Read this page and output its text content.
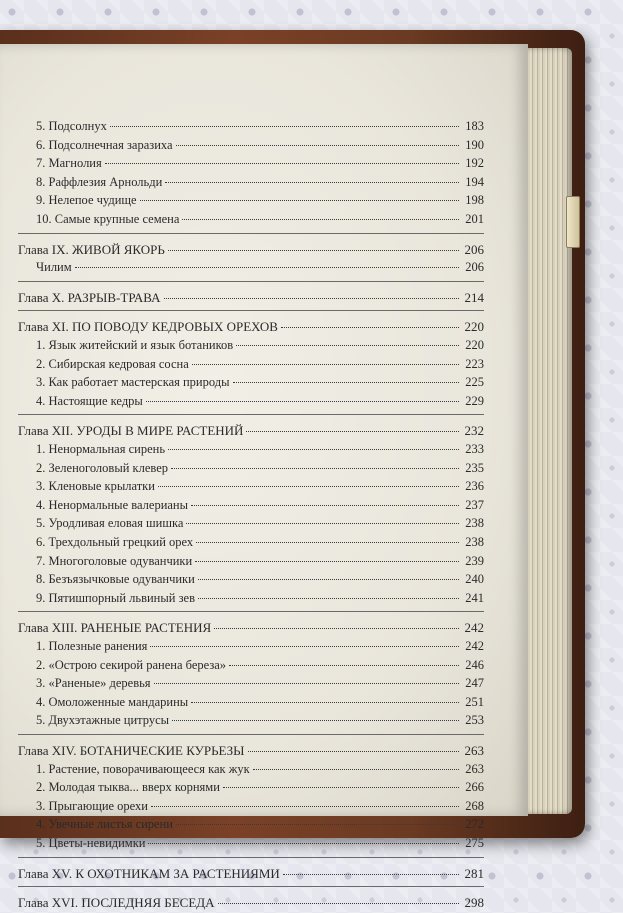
5. Подсолнух	183
6. Подсолнечная заразиха	190
7. Магнолия	192
8. Раффлезия Арнольди	194
9. Нелепое чудище	198
10. Самые крупные семена	201
Глава IX. ЖИВОЙ ЯКОРЬ	206
Чилим	206
Глава X. РАЗРЫВ-ТРАВА	214
Глава XI. ПО ПОВОДУ КЕДРОВЫХ ОРЕХОВ	220
1. Язык житейский и язык ботаников	220
2. Сибирская кедровая сосна	223
3. Как работает мастерская природы	225
4. Настоящие кедры	229
Глава XII. УРОДЫ В МИРЕ РАСТЕНИЙ	232
1. Ненормальная сирень	233
2. Зеленоголовый клевер	235
3. Кленовые крылатки	236
4. Ненормальные валерианы	237
5. Уродливая еловая шишка	238
6. Трехдольный грецкий орех	238
7. Многоголовые одуванчики	239
8. Безъязычковые одуванчики	240
9. Пятишпорный львиный зев	241
Глава XIII. РАНЕНЫЕ РАСТЕНИЯ	242
1. Полезные ранения	242
2. «Острою секирой ранена береза»	246
3. «Раненые» деревья	247
4. Омоложенные мандарины	251
5. Двухэтажные цитрусы	253
Глава XIV. БОТАНИЧЕСКИЕ КУРЬЕЗЫ	263
1. Растение, поворачивающееся как жук	263
2. Молодая тыква... вверх корнями	266
3. Прыгающие орехи	268
4. Увечные листья сирени	272
5. Цветы-невидимки	275
Глава XV. К ОХОТНИКАМ ЗА РАСТЕНИЯМИ	281
Глава XVI. ПОСЛЕДНЯЯ БЕСЕДА	298
